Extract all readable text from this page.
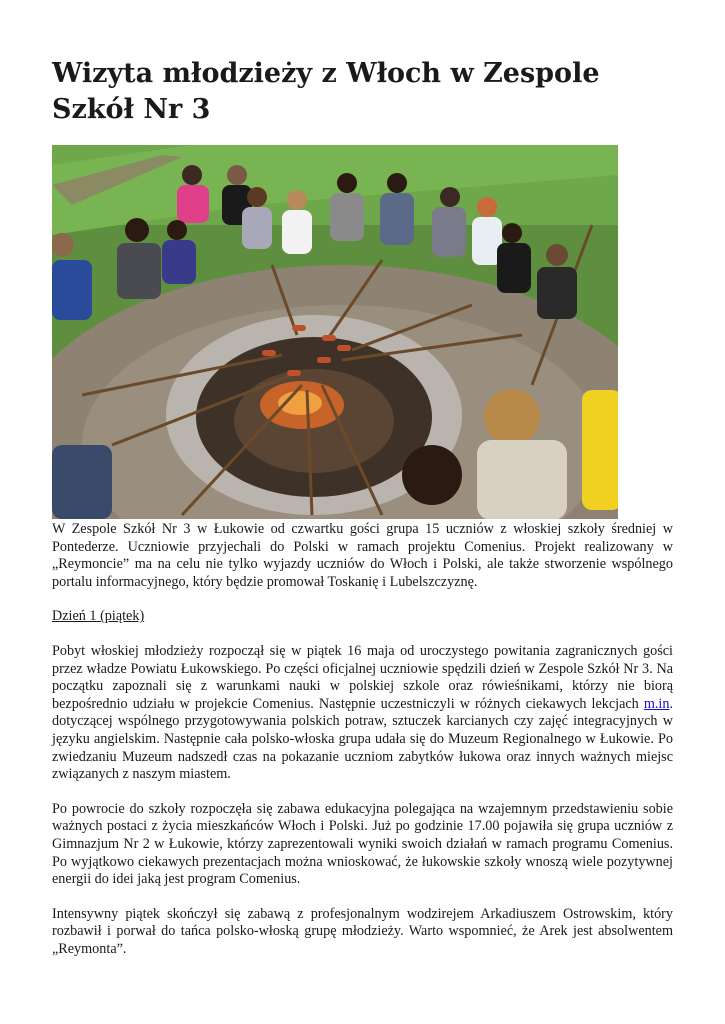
Wizyta młodzieży z Włoch w Zespole Szkół Nr 3

W Zespole Szkół Nr 3 w Łukowie od czwartku gości grupa 15 uczniów z włoskiej szkoły średniej w Pontederze. Uczniowie przyjechali do Polski w ramach projektu Comenius. Projekt realizowany w „Reymoncie” ma na celu nie tylko wyjazdy uczniów do Włoch i Polski, ale także stworzenie wspólnego portalu informacyjnego, który będzie promował Toskanię i Lubelszczyznę.

Dzień 1 (piątek)

Pobyt włoskiej młodzieży rozpoczął się w piątek 16 maja od uroczystego powitania zagranicznych gości przez władze Powiatu Łukowskiego. Po części oficjalnej uczniowie spędzili dzień w Zespole Szkół Nr 3. Na początku zapoznali się z warunkami nauki w polskiej szkole oraz rówieśnikami, którzy nie biorą bezpośrednio udziału w projekcie Comenius. Następnie uczestniczyli w różnych ciekawych lekcjach m.in. dotyczącej wspólnego przygotowywania polskich potraw, sztuczek karcianych czy zajęć integracyjnych w języku angielskim. Następnie cała polsko-włoska grupa udała się do Muzeum Regionalnego w Łukowie. Po zwiedzaniu Muzeum nadszedł czas na pokazanie uczniom zabytków łukowa oraz innych ważnych miejsc związanych z naszym miastem.

Po powrocie do szkoły rozpoczęła się zabawa edukacyjna polegająca na wzajemnym przedstawieniu sobie ważnych postaci z życia mieszkańców Włoch i Polski. Już po godzinie 17.00 pojawiła się grupa uczniów z Gimnazjum Nr 2 w Łukowie, którzy zaprezentowali wyniki swoich działań w ramach programu Comenius. Po wyjątkowo ciekawych prezentacjach można wnioskować, że łukowskie szkoły wnoszą wiele pozytywnej energii do idei jaką jest program Comenius.

Intensywny piątek skończył się zabawą z profesjonalnym wodzirejem Arkadiuszem Ostrowskim, który rozbawił i porwał do tańca polsko-włoską grupę młodzieży. Warto wspomnieć, że Arek jest absolwentem „Reymonta”.
